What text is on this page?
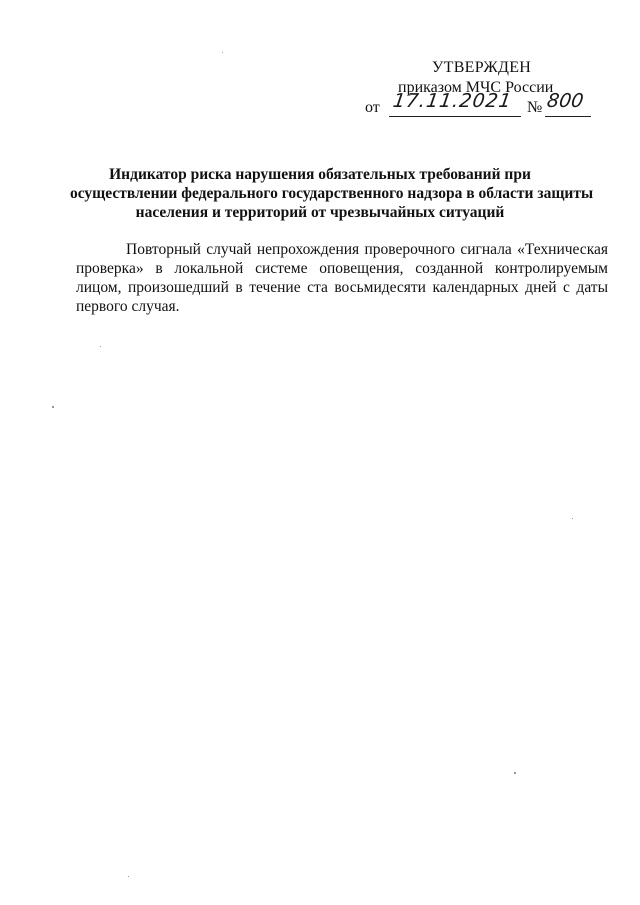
УТВЕРЖДЕН
приказом МЧС России
от 17.11.2021 № 800
Индикатор риска нарушения обязательных требований при
осуществлении федерального государственного надзора в области защиты
населения и территорий от чрезвычайных ситуаций
Повторный случай непрохождения проверочного сигнала «Техническая
проверка» в локальной системе оповещения, созданной контролируемым
лицом, произошедший в течение ста восьмидесяти календарных дней с даты
первого случая.
